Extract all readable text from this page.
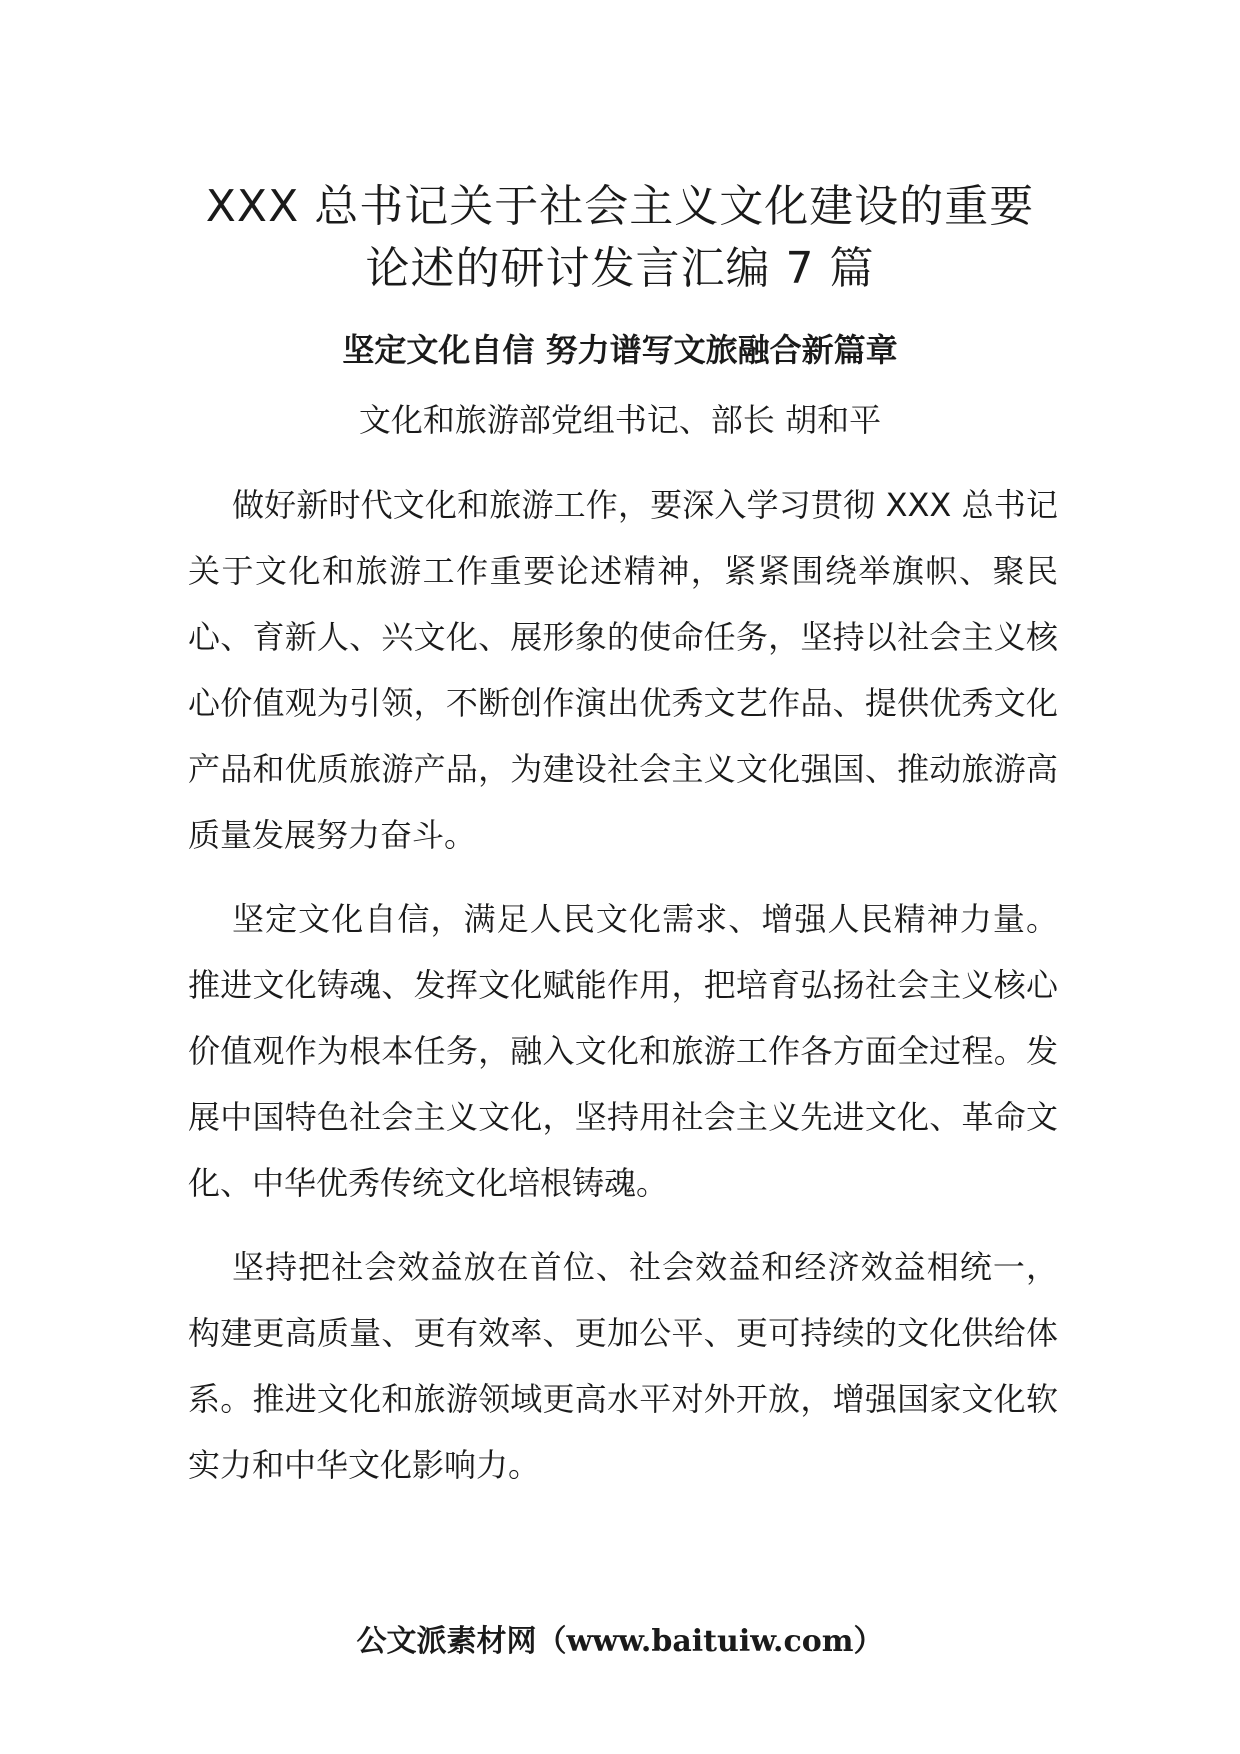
XXX 总书记关于社会主义文化建设的重要
论述的研讨发言汇编 7 篇
坚定文化自信 努力谱写文旅融合新篇章

文化和旅游部党组书记、部长 胡和平

做好新时代文化和旅游工作，要深入学习贯彻 XXX 总书记关于文化和旅游工作重要论述精神，紧紧围绕举旗帜、聚民心、育新人、兴文化、展形象的使命任务，坚持以社会主义核心价值观为引领，不断创作演出优秀文艺作品、提供优秀文化产品和优质旅游产品，为建设社会主义文化强国、推动旅游高质量发展努力奋斗。

坚定文化自信，满足人民文化需求、增强人民精神力量。推进文化铸魂、发挥文化赋能作用，把培育弘扬社会主义核心价值观作为根本任务，融入文化和旅游工作各方面全过程。发展中国特色社会主义文化，坚持用社会主义先进文化、革命文化、中华优秀传统文化培根铸魂。

坚持把社会效益放在首位、社会效益和经济效益相统一，构建更高质量、更有效率、更加公平、更可持续的文化供给体系。推进文化和旅游领域更高水平对外开放，增强国家文化软实力和中华文化影响力。

公文派素材网（www.baituiw.com）
